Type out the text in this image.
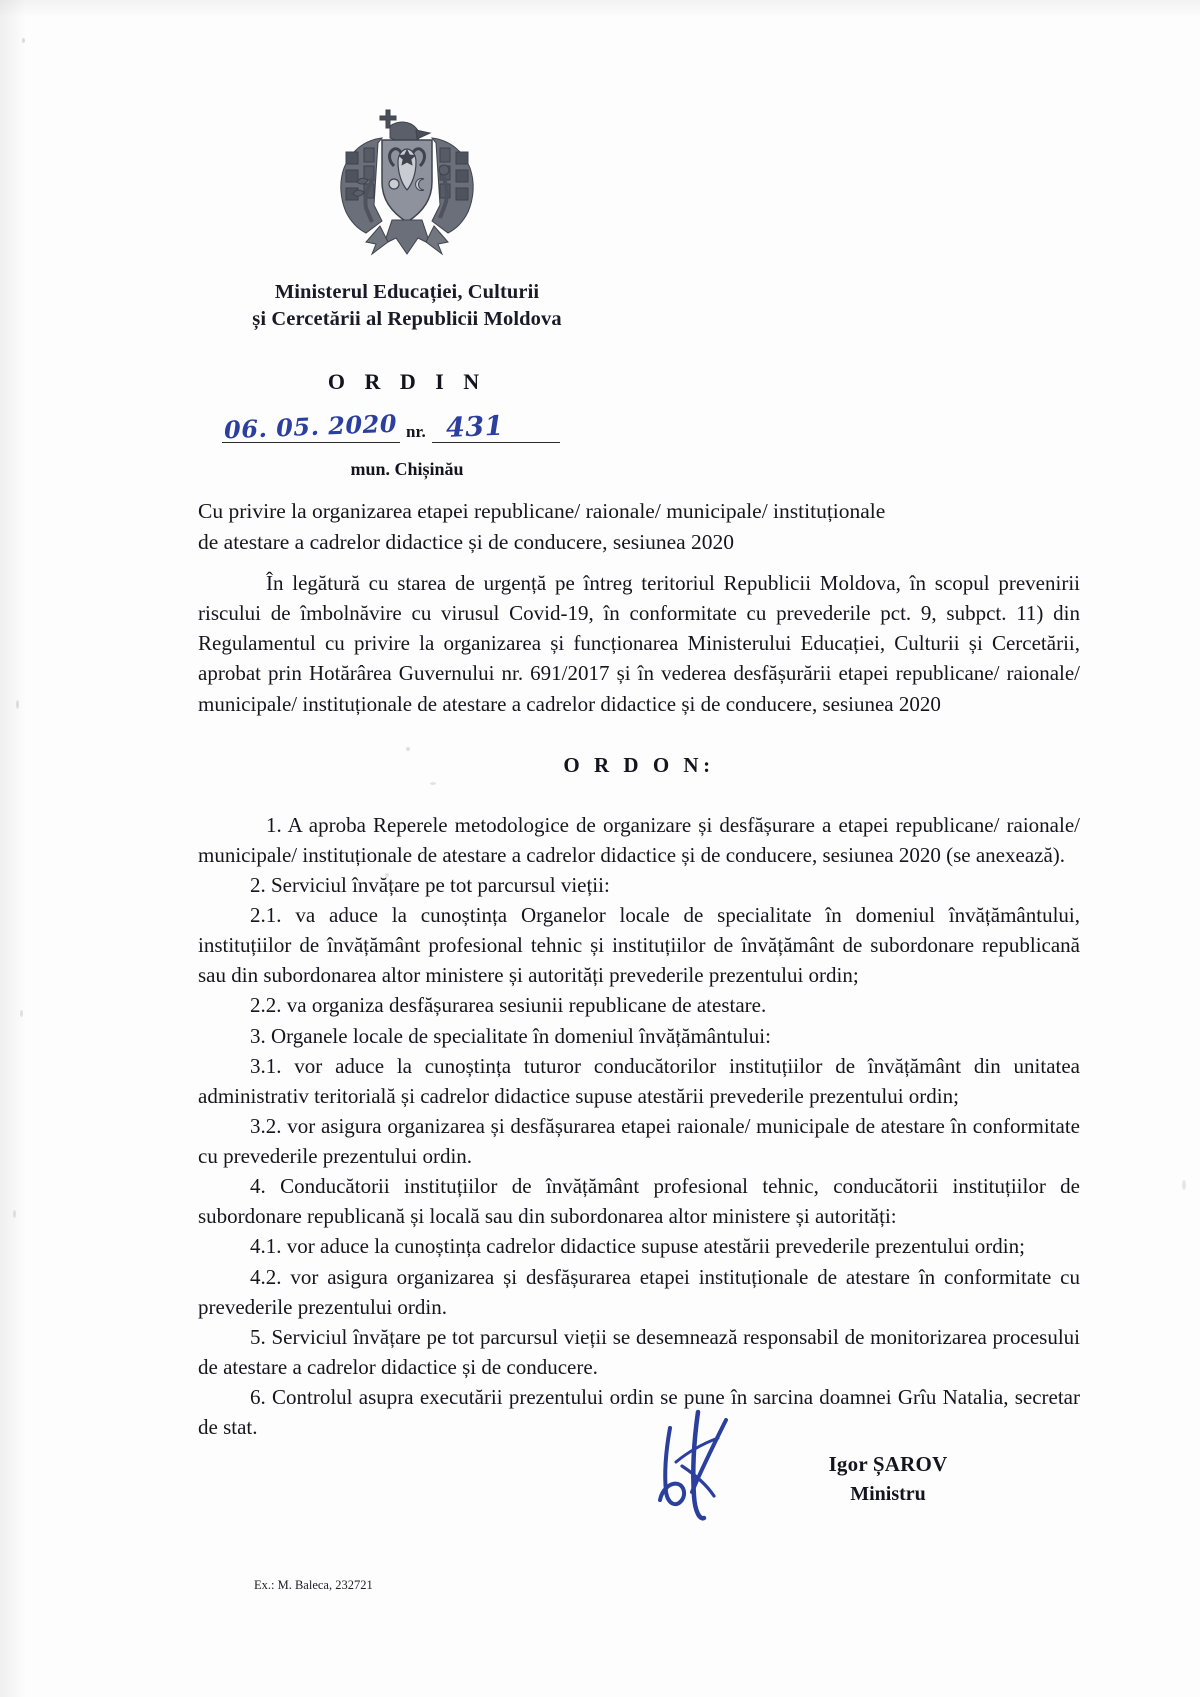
Ministerul Educației, Culturii
și Cercetării al Republicii Moldova
O R D I N
06. 05. 2020 nr. 431
mun. Chișinău
Cu privire la organizarea etapei republicane/ raionale/ municipale/ instituționale
de atestare a cadrelor didactice și de conducere, sesiunea 2020

În legătură cu starea de urgență pe întreg teritoriul Republicii Moldova, în scopul prevenirii riscului de îmbolnăvire cu virusul Covid-19, în conformitate cu prevederile pct. 9, subpct. 11) din Regulamentul cu privire la organizarea și funcționarea Ministerului Educației, Culturii și Cercetării, aprobat prin Hotărârea Guvernului nr. 691/2017 și în vederea desfășurării etapei republicane/ raionale/ municipale/ instituționale de atestare a cadrelor didactice și de conducere, sesiunea 2020

O R D O N:

1. A aproba Reperele metodologice de organizare și desfășurare a etapei republicane/ raionale/ municipale/ instituționale de atestare a cadrelor didactice și de conducere, sesiunea 2020 (se anexează).

2. Serviciul învățare pe tot parcursul vieții:

2.1. va aduce la cunoștința Organelor locale de specialitate în domeniul învățământului, instituțiilor de învățământ profesional tehnic și instituțiilor de învățământ de subordonare republicană sau din subordonarea altor ministere și autorități prevederile prezentului ordin;

2.2. va organiza desfășurarea sesiunii republicane de atestare.

3. Organele locale de specialitate în domeniul învățământului:

3.1. vor aduce la cunoștința tuturor conducătorilor instituțiilor de învățământ din unitatea administrativ teritorială și cadrelor didactice supuse atestării prevederile prezentului ordin;

3.2. vor asigura organizarea și desfășurarea etapei raionale/ municipale de atestare în conformitate cu prevederile prezentului ordin.

4. Conducătorii instituțiilor de învățământ profesional tehnic, conducătorii instituțiilor de subordonare republicană și locală sau din subordonarea altor ministere și autorități:

4.1. vor aduce la cunoștința cadrelor didactice supuse atestării prevederile prezentului ordin;

4.2. vor asigura organizarea și desfășurarea etapei instituționale de atestare în conformitate cu prevederile prezentului ordin.

5. Serviciul învățare pe tot parcursul vieții se desemnează responsabil de monitorizarea procesului de atestare a cadrelor didactice și de conducere.

6. Controlul asupra executării prezentului ordin se pune în sarcina doamnei Grîu Natalia, secretar de stat.

Igor ȘAROV
Ministru
Ex.: M. Baleca, 232721
